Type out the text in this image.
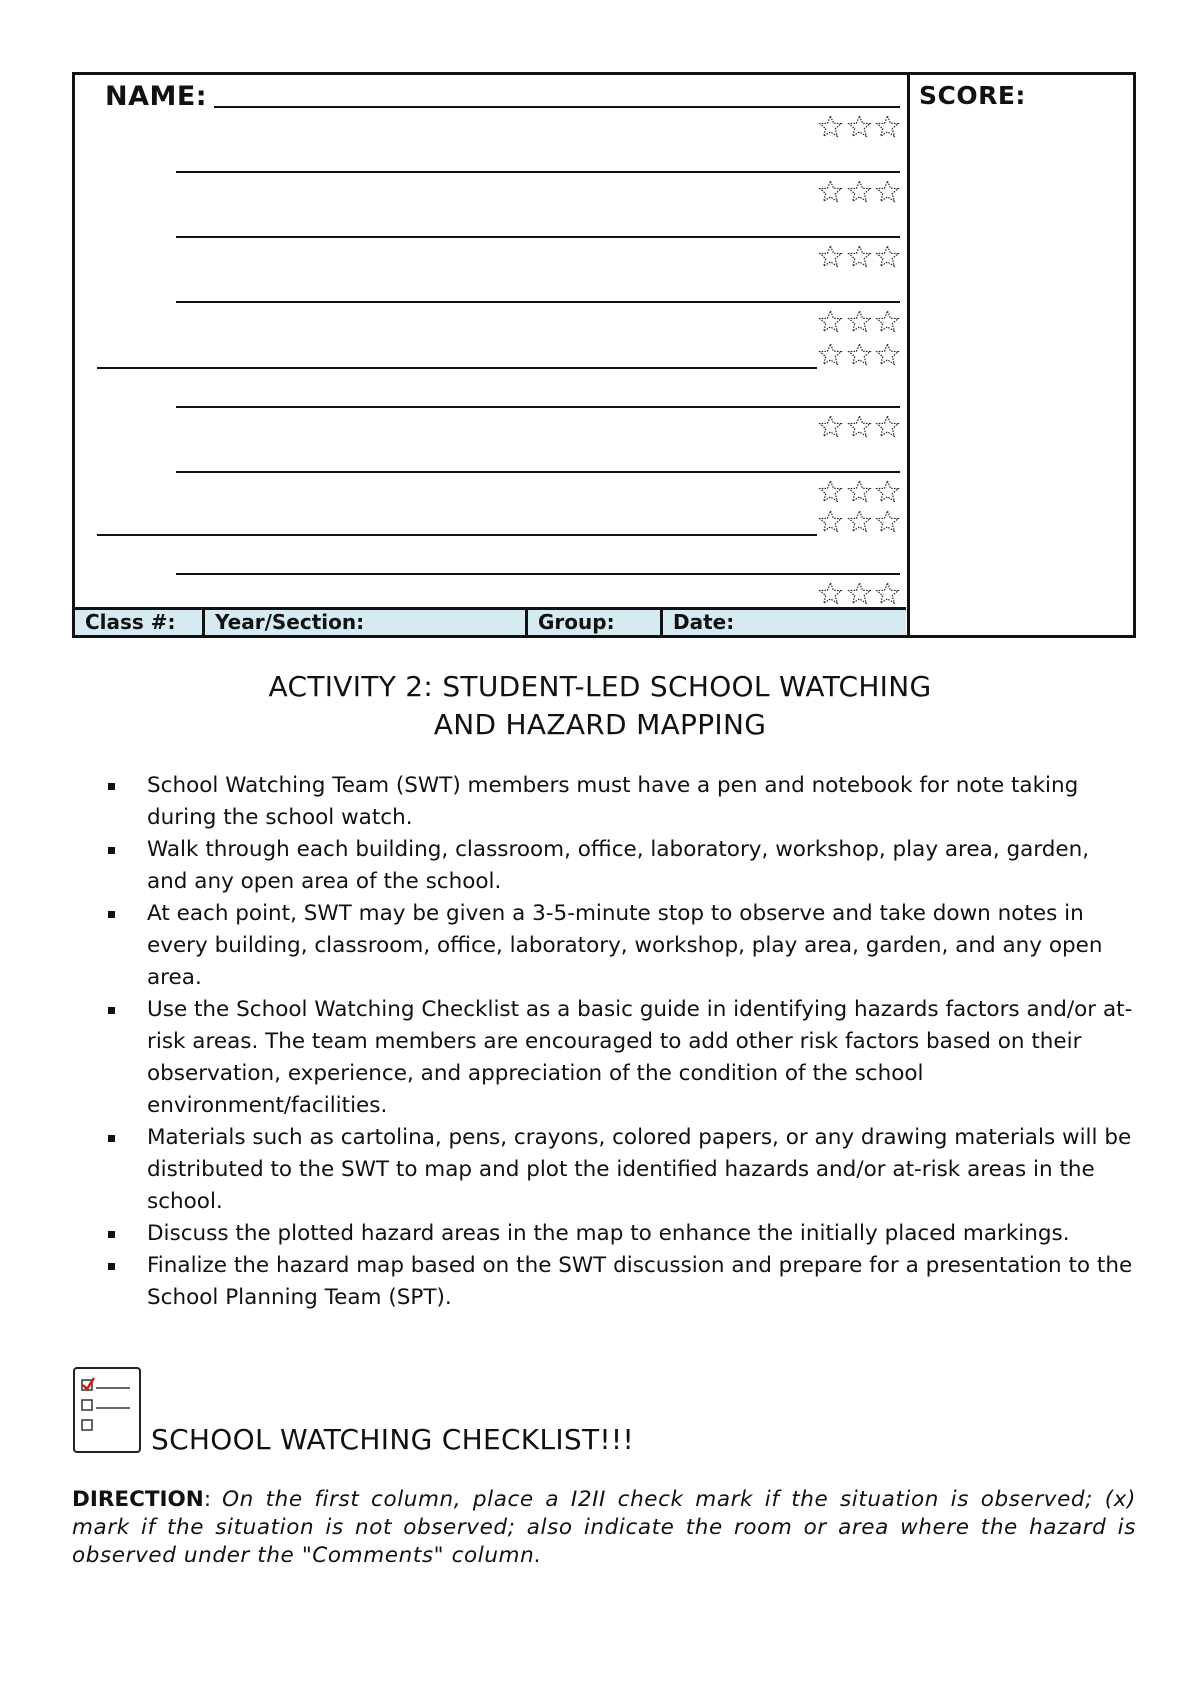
NAME:	SCORE:
Class #:	Year/Section:	Group:	Date:
ACTIVITY 2: STUDENT-LED SCHOOL WATCHING
AND HAZARD MAPPING
School Watching Team (SWT) members must have a pen and notebook for note taking during the school watch.
Walk through each building, classroom, office, laboratory, workshop, play area, garden, and any open area of the school.
At each point, SWT may be given a 3-5-minute stop to observe and take down notes in every building, classroom, office, laboratory, workshop, play area, garden, and any open area.
Use the School Watching Checklist as a basic guide in identifying hazards factors and/or at-risk areas. The team members are encouraged to add other risk factors based on their observation, experience, and appreciation of the condition of the school environment/facilities.
Materials such as cartolina, pens, crayons, colored papers, or any drawing materials will be distributed to the SWT to map and plot the identified hazards and/or at-risk areas in the school.
Discuss the plotted hazard areas in the map to enhance the initially placed markings.
Finalize the hazard map based on the SWT discussion and prepare for a presentation to the School Planning Team (SPT).
SCHOOL WATCHING CHECKLIST!!!
DIRECTION: On the first column, place a I2II check mark if the situation is observed; (x) mark if the situation is not observed; also indicate the room or area where the hazard is observed under the "Comments" column.
